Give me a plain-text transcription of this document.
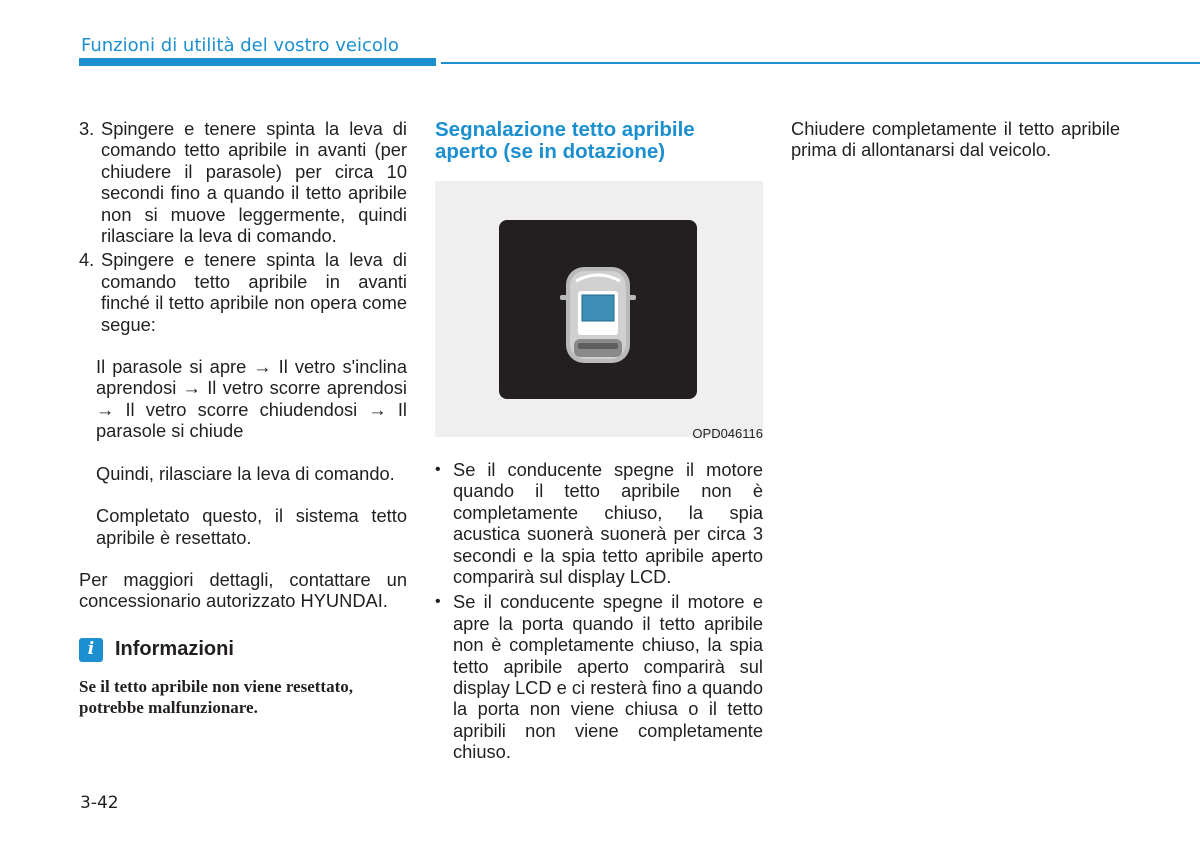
Funzioni di utilità del vostro veicolo
3. Spingere e tenere spinta la leva di comando tetto apribile in avanti (per chiudere il parasole) per circa 10 secondi fino a quando il tetto apribile non si muove leggermente, quindi rilasciare la leva di comando.
4. Spingere e tenere spinta la leva di comando tetto apribile in avanti finché il tetto apribile non opera come segue:
Il parasole si apre → Il vetro s'inclina aprendosi → Il vetro scorre aprendosi → Il vetro scorre chiudendosi → Il parasole si chiude
Quindi, rilasciare la leva di comando.
Completato questo, il sistema tetto apribile è resettato.
Per maggiori dettagli, contattare un concessionario autorizzato HYUNDAI.
i	Informazioni
Se il tetto apribile non viene resettato, potrebbe malfunzionare.
Segnalazione tetto apribile aperto (se in dotazione)
OPD046116
• Se il conducente spegne il motore quando il tetto apribile non è completamente chiuso, la spia acustica suonerà suonerà per circa 3 secondi e la spia tetto apribile aperto comparirà sul display LCD.
• Se il conducente spegne il motore e apre la porta quando il tetto apribile non è completamente chiuso, la spia tetto apribile aperto comparirà sul display LCD e ci resterà fino a quando la porta non viene chiusa o il tetto apribili non viene completamente chiuso.
Chiudere completamente il tetto apribile prima di allontanarsi dal veicolo.
3-42
